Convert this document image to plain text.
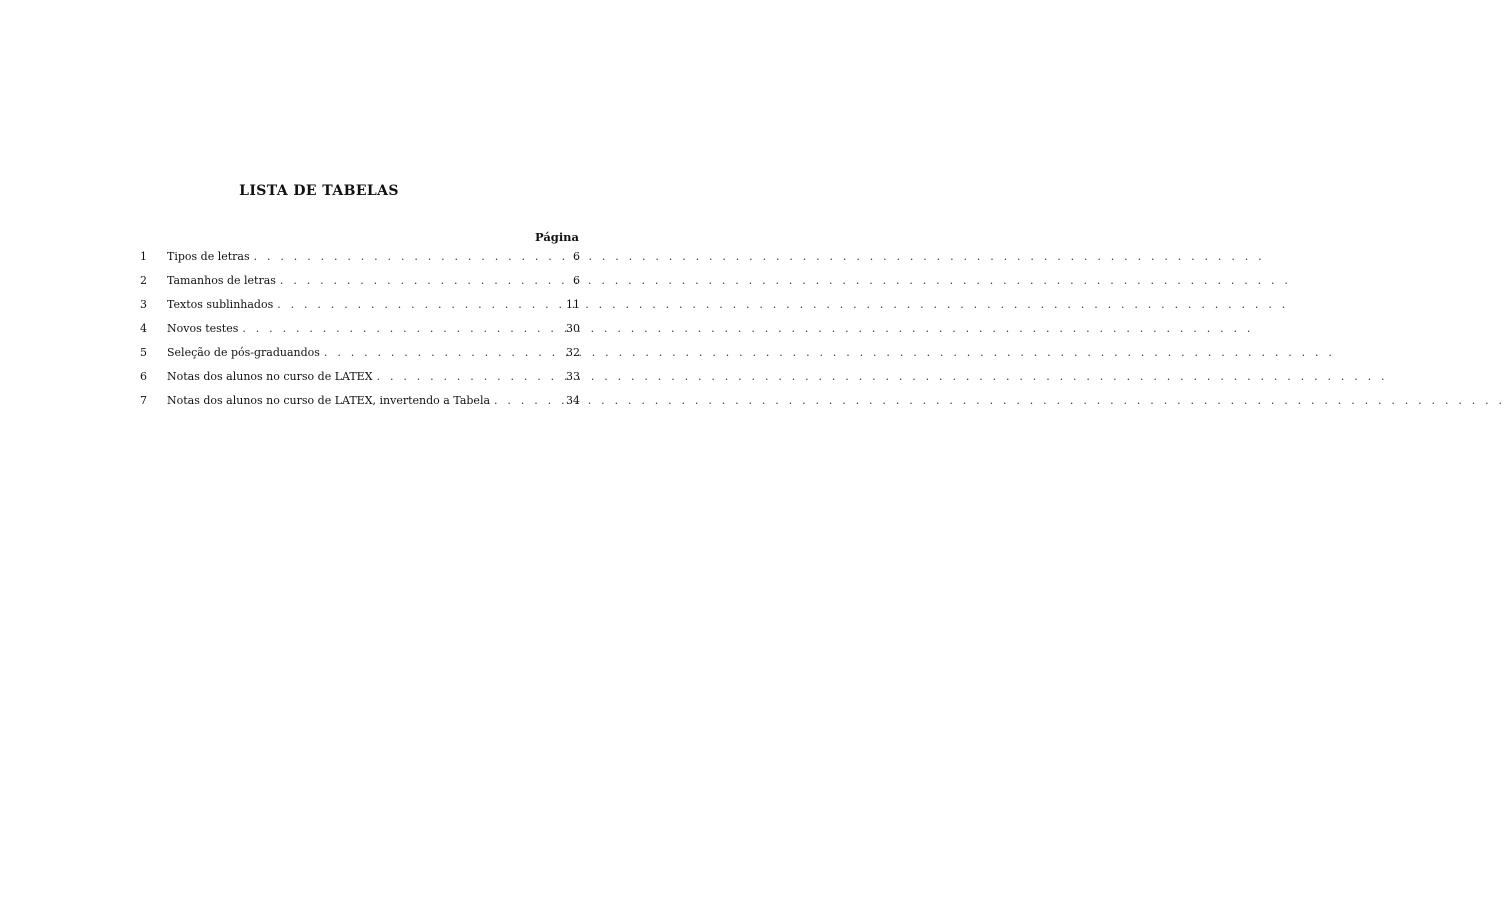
LISTA DE TABELAS
Página
1	Tipos de letras . . .	6
2	Tamanhos de letras . . .	6
3	Textos sublinhados . . .	11
4	Novos testes . . .	30
5	Seleção de pós-graduandos . . .	32
6	Notas dos alunos no curso de LATEX . . .	33
7	Notas dos alunos no curso de LATEX, invertendo a Tabela . . .	34
